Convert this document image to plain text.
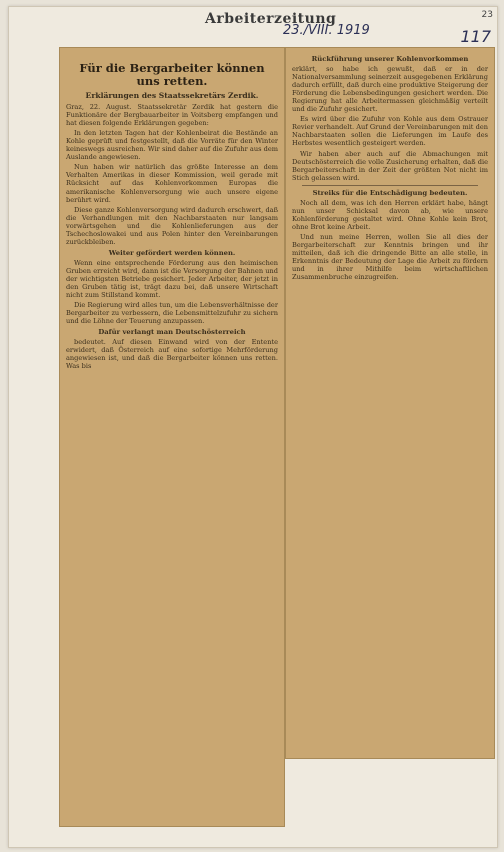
Arbeiterzeitung
23./VIII. 1919
23
117
Für die Bergarbeiter können uns retten.
Erklärungen des Staatssekretärs Zerdik.

Graz, 22. August. Staatssekretär Zerdik hat gestern die Funktionäre der Bergbauarbeiter in Voitsberg empfangen und hat diesen folgende Erklärungen gegeben:

In den letzten Tagen hat der Kohlenbeirat die Bestände an Kohle geprüft und festgestellt, daß die Vorräte für den Winter keineswegs ausreichen. Wir sind daher auf die Zufuhr aus dem Auslande angewiesen.

Nun haben wir natürlich das größte Interesse an dem Verhalten Amerikas in dieser Kommission, weil gerade mit Rücksicht auf das Kohlenvorkommen Europas die amerikanische Kohlenversorgung wie auch unsere eigene berührt wird.

Diese ganze Kohlenversorgung wird dadurch erschwert, daß die Verhandlungen mit den Nachbarstaaten nur langsam vorwärtsgehen und die Kohlenlieferungen aus der Tschechoslowakei und aus Polen hinter den Vereinbarungen zurückbleiben.

Weiter gefördert werden können.

Wenn eine entsprechende Förderung aus den heimischen Gruben erreicht wird, dann ist die Versorgung der Bahnen und der wichtigsten Betriebe gesichert. Jeder Arbeiter, der jetzt in den Gruben tätig ist, trägt dazu bei, daß unsere Wirtschaft nicht zum Stillstand kommt.

Die Regierung wird alles tun, um die Lebensverhältnisse der Bergarbeiter zu verbessern, die Lebensmittelzufuhr zu sichern und die Löhne der Teuerung anzupassen.

Dafür verlangt man Deutschösterreich

bedeutet. Auf diesen Einwand wird von der Entente erwidert, daß Österreich auf eine sofortige Mehrförderung angewiesen ist, und daß die Bergarbeiter können uns retten. Was bis

Rückführung unserer Kohlenvorkommen

erklärt, so habe ich gewußt, daß er in der Nationalversammlung seinerzeit ausgegebenen Erklärung dadurch erfüllt, daß durch eine produktive Steigerung der Förderung die Lebensbedingungen gesichert werden. Die Regierung hat alle Arbeitermassen gleichmäßig verteilt und die Zufuhr gesichert.

Es wird über die Zufuhr von Kohle aus dem Ostrauer Revier verhandelt. Auf Grund der Vereinbarungen mit den Nachbarstaaten sollen die Lieferungen im Laufe des Herbstes wesentlich gesteigert werden.

Wir haben aber auch auf die Abmachungen mit Deutschösterreich die volle Zusicherung erhalten, daß die Bergarbeiterschaft in der Zeit der größten Not nicht im Stich gelassen wird.

Streiks für die Entschädigung bedeuten.

Noch all dem, was ich den Herren erklärt habe, hängt nun unser Schicksal davon ab, wie unsere Kohlenförderung gestaltet wird. Ohne Kohle kein Brot, ohne Brot keine Arbeit.

Und nun meine Herren, wollen Sie all dies der Bergarbeiterschaft zur Kenntnis bringen und ihr mitteilen, daß ich die dringende Bitte an alle stelle, in Erkenntnis der Bedeutung der Lage die Arbeit zu fördern und in ihrer Mithilfe beim wirtschaftlichen Zusammenbruche einzugreifen.
